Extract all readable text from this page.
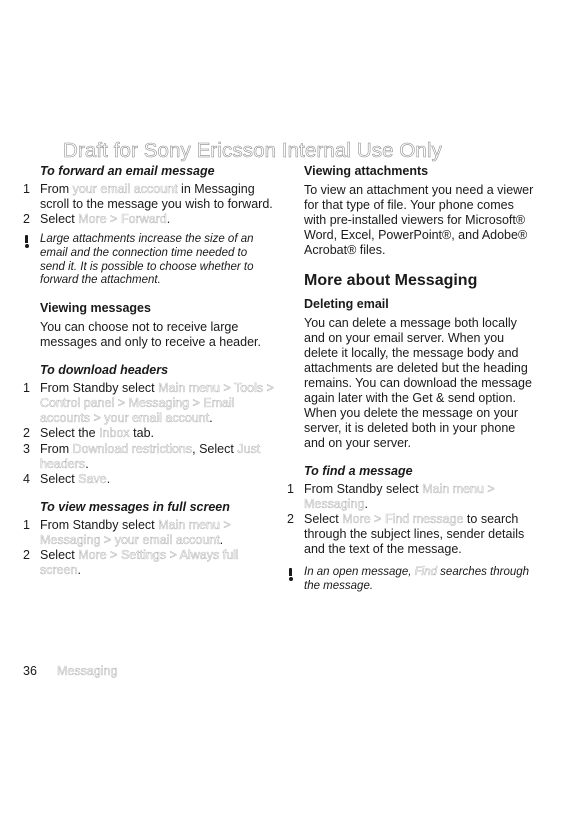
Draft for Sony Ericsson Internal Use Only
To forward an email message
1 From your email account in Messaging scroll to the message you wish to forward.
2 Select More > Forward.
Large attachments increase the size of an email and the connection time needed to send it. It is possible to choose whether to forward the attachment.
Viewing messages
You can choose not to receive large messages and only to receive a header.
To download headers
1 From Standby select Main menu > Tools > Control panel > Messaging > Email accounts > your email account.
2 Select the Inbox tab.
3 From Download restrictions, Select Just headers.
4 Select Save.
To view messages in full screen
1 From Standby select Main menu > Messaging > your email account.
2 Select More > Settings > Always full screen.
Viewing attachments
To view an attachment you need a viewer for that type of file. Your phone comes with pre-installed viewers for Microsoft® Word, Excel, PowerPoint®, and Adobe® Acrobat® files.
More about Messaging
Deleting email
You can delete a message both locally and on your email server. When you delete it locally, the message body and attachments are deleted but the heading remains. You can download the message again later with the Get & send option. When you delete the message on your server, it is deleted both in your phone and on your server.
To find a message
1 From Standby select Main menu > Messaging.
2 Select More > Find message to search through the subject lines, sender details and the text of the message.
In an open message, Find searches through the message.
36 Messaging
